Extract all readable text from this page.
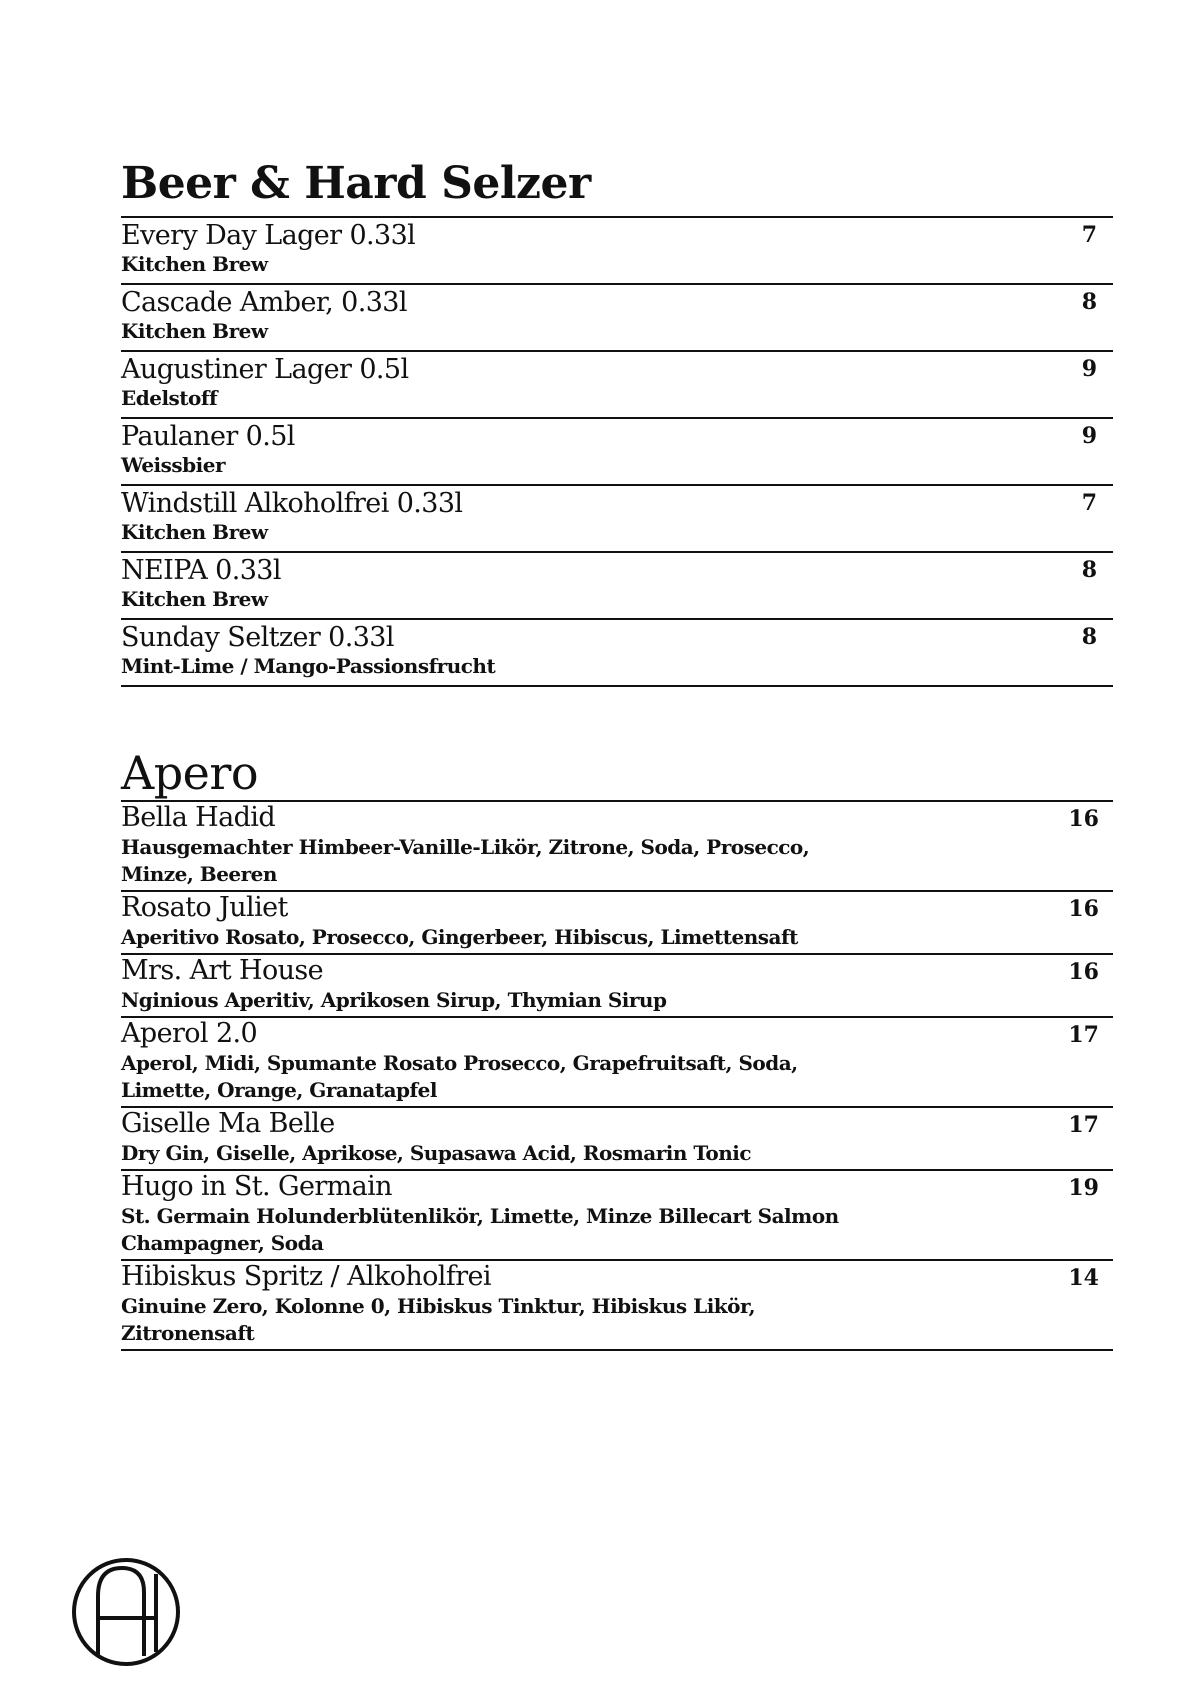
Beer & Hard Selzer
Every Day Lager 0.33l
Kitchen Brew
7
Cascade Amber, 0.33l
Kitchen Brew
8
Augustiner Lager 0.5l
Edelstoff
9
Paulaner 0.5l
Weissbier
9
Windstill Alkoholfrei 0.33l
Kitchen Brew
7
NEIPA 0.33l
Kitchen Brew
8
Sunday Seltzer 0.33l
Mint-Lime / Mango-Passionsfrucht
8
Apero
Bella Hadid
Hausgemachter Himbeer-Vanille-Likör, Zitrone, Soda, Prosecco, Minze, Beeren
16
Rosato Juliet
Aperitivo Rosato, Prosecco, Gingerbeer, Hibiscus, Limettensaft
16
Mrs. Art House
Nginious Aperitiv, Aprikosen Sirup, Thymian Sirup
16
Aperol 2.0
Aperol, Midi, Spumante Rosato Prosecco, Grapefruitsaft, Soda, Limette, Orange, Granatapfel
17
Giselle Ma Belle
Dry Gin, Giselle, Aprikose, Supasawa Acid, Rosmarin Tonic
17
Hugo in St. Germain
St. Germain Holunderblütenlikör, Limette, Minze Billecart Salmon Champagner, Soda
19
Hibiskus Spritz / Alkoholfrei
Ginuine Zero, Kolonne 0, Hibiskus Tinktur, Hibiskus Likör, Zitronensaft
14
